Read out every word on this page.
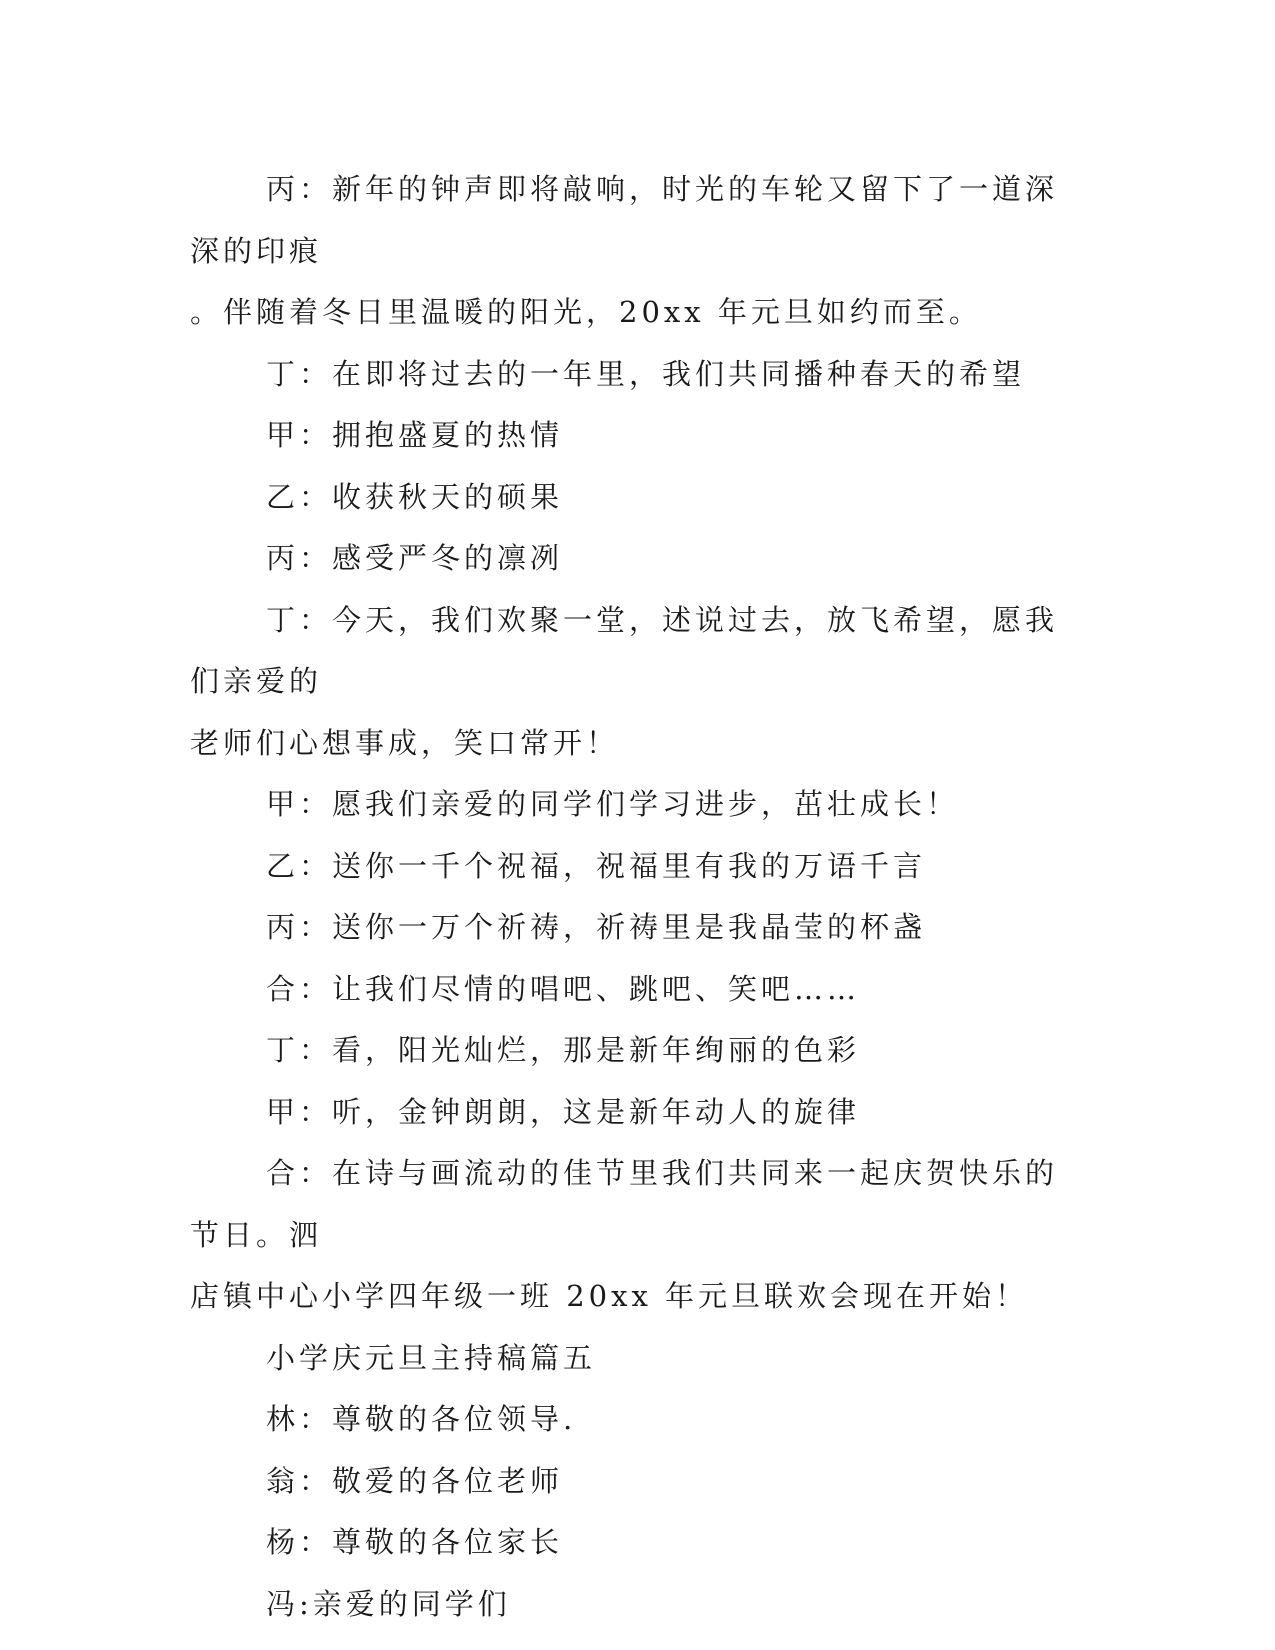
丙：新年的钟声即将敲响，时光的车轮又留下了一道深深的印痕
。伴随着冬日里温暖的阳光，20xx 年元旦如约而至。

丁：在即将过去的一年里，我们共同播种春天的希望

甲：拥抱盛夏的热情

乙：收获秋天的硕果

丙：感受严冬的凛冽

丁：今天，我们欢聚一堂，述说过去，放飞希望，愿我们亲爱的
老师们心想事成，笑口常开！

甲：愿我们亲爱的同学们学习进步，茁壮成长！

乙：送你一千个祝福，祝福里有我的万语千言

丙：送你一万个祈祷，祈祷里是我晶莹的杯盏

合：让我们尽情的唱吧、跳吧、笑吧……

丁：看，阳光灿烂，那是新年绚丽的色彩

甲：听，金钟朗朗，这是新年动人的旋律

合：在诗与画流动的佳节里我们共同来一起庆贺快乐的节日。泗
店镇中心小学四年级一班 20xx 年元旦联欢会现在开始！

小学庆元旦主持稿篇五

林：尊敬的各位领导.

翁：敬爱的各位老师

杨：尊敬的各位家长

冯:亲爱的同学们
